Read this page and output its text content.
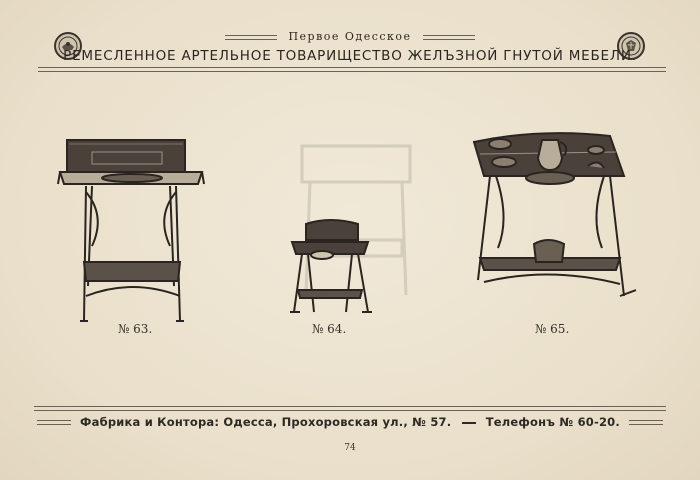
Первое Одесское
РЕМЕСЛЕННОЕ АРТЕЛЬНОЕ ТОВАРИЩЕСТВО ЖЕЛЪЗНОЙ ГНУТОЙ МЕБЕЛИ.
№ 63.	№ 64.	№ 65.
Фабрика и Контора: Одесса, Прохоровская ул., № 57.	Телефонъ № 60-20.
74
